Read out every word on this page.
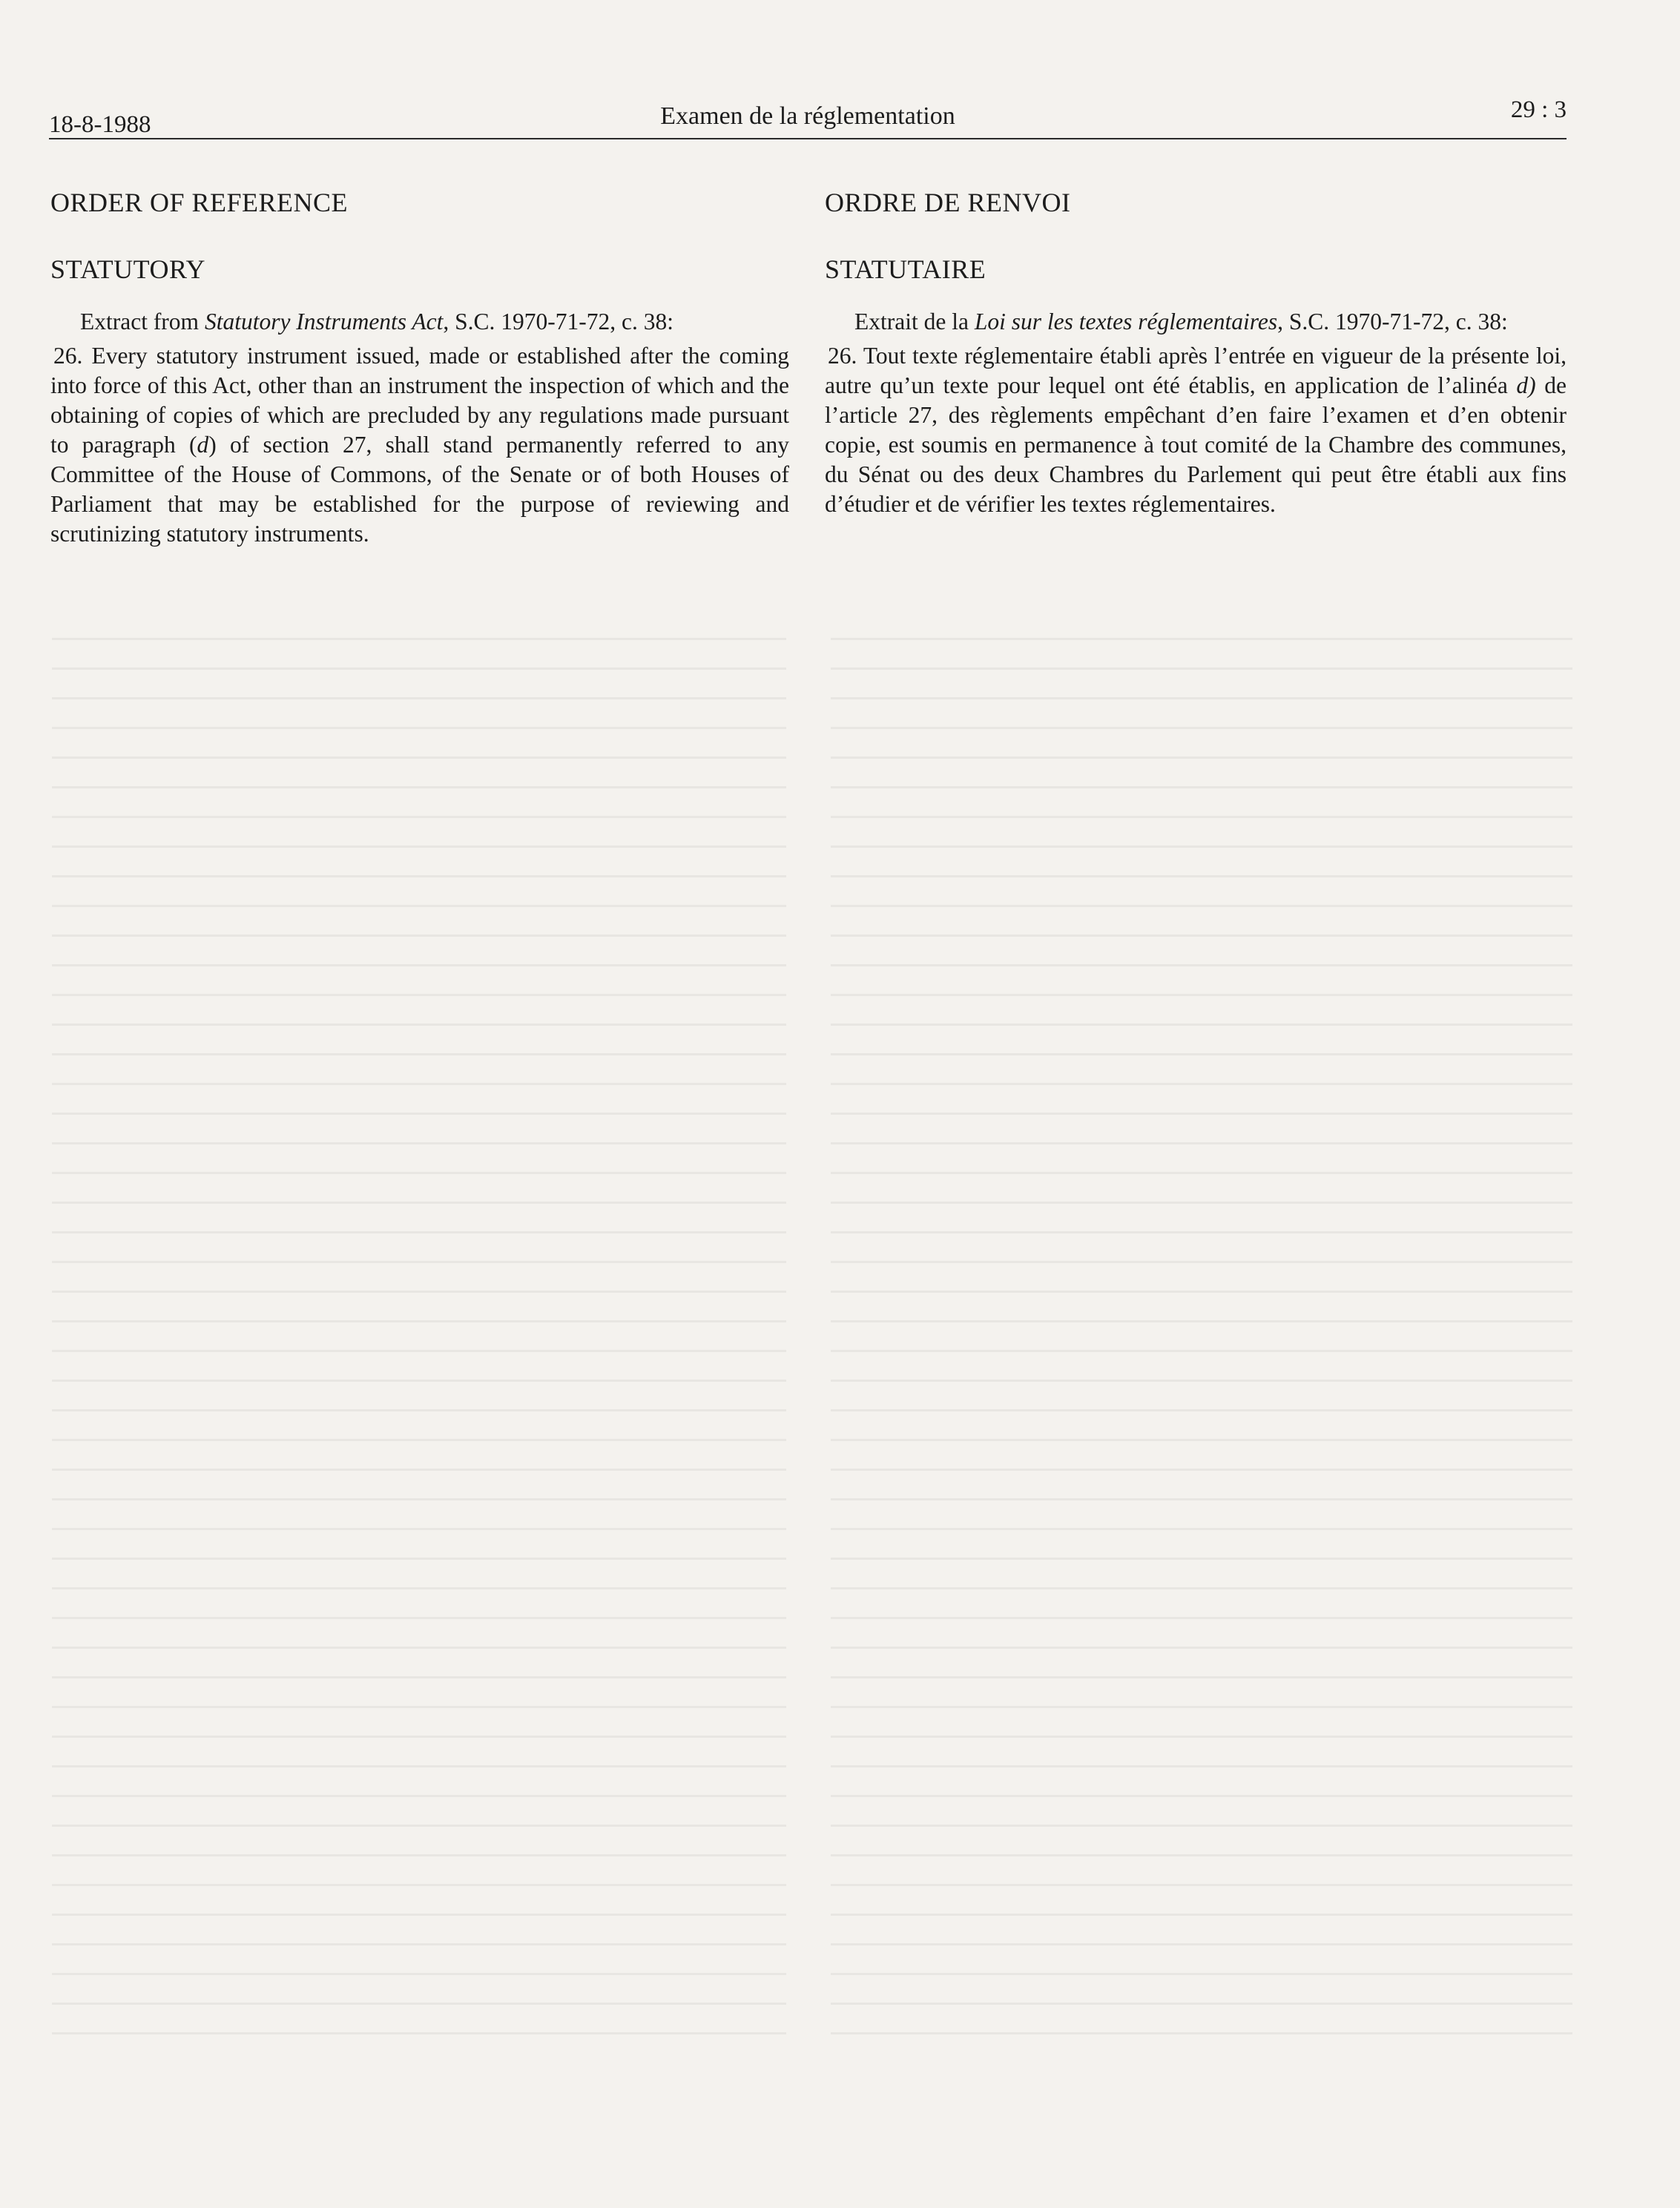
18-8-1988	Examen de la réglementation	29 : 3
ORDER OF REFERENCE
STATUTORY

Extract from Statutory Instruments Act, S.C. 1970-71-72, c. 38:

26. Every statutory instrument issued, made or established after the coming into force of this Act, other than an instrument the inspection of which and the obtaining of copies of which are precluded by any regulations made pursuant to paragraph (d) of section 27, shall stand permanently referred to any Committee of the House of Commons, of the Senate or of both Houses of Parliament that may be established for the purpose of reviewing and scrutinizing statutory instruments.

ORDRE DE RENVOI
STATUTAIRE

Extrait de la Loi sur les textes réglementaires, S.C. 1970-71-72, c. 38:

26. Tout texte réglementaire établi après l’entrée en vigueur de la présente loi, autre qu’un texte pour lequel ont été établis, en application de l’alinéa d) de l’article 27, des règlements empêchant d’en faire l’examen et d’en obtenir copie, est soumis en permanence à tout comité de la Chambre des communes, du Sénat ou des deux Chambres du Parlement qui peut être établi aux fins d’étudier et de vérifier les textes réglementaires.
